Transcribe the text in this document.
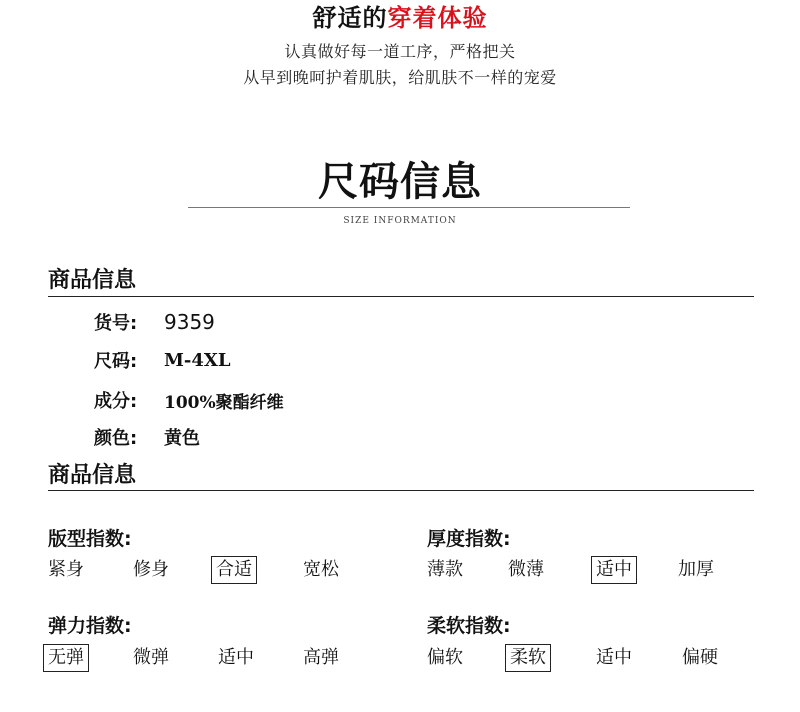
舒适的穿着体验
认真做好每一道工序，严格把关
从早到晚呵护着肌肤，给肌肤不一样的宠爱
尺码信息
SIZE INFORMATION
商品信息
货号:	9359
尺码:	M-4XL
成分:	100%聚酯纤维
颜色:	黄色
商品信息
版型指数:
紧身	修身	合适	宽松
厚度指数:
薄款	微薄	适中	加厚
弹力指数:
无弹	微弹	适中	高弹
柔软指数:
偏软	柔软	适中	偏硬
